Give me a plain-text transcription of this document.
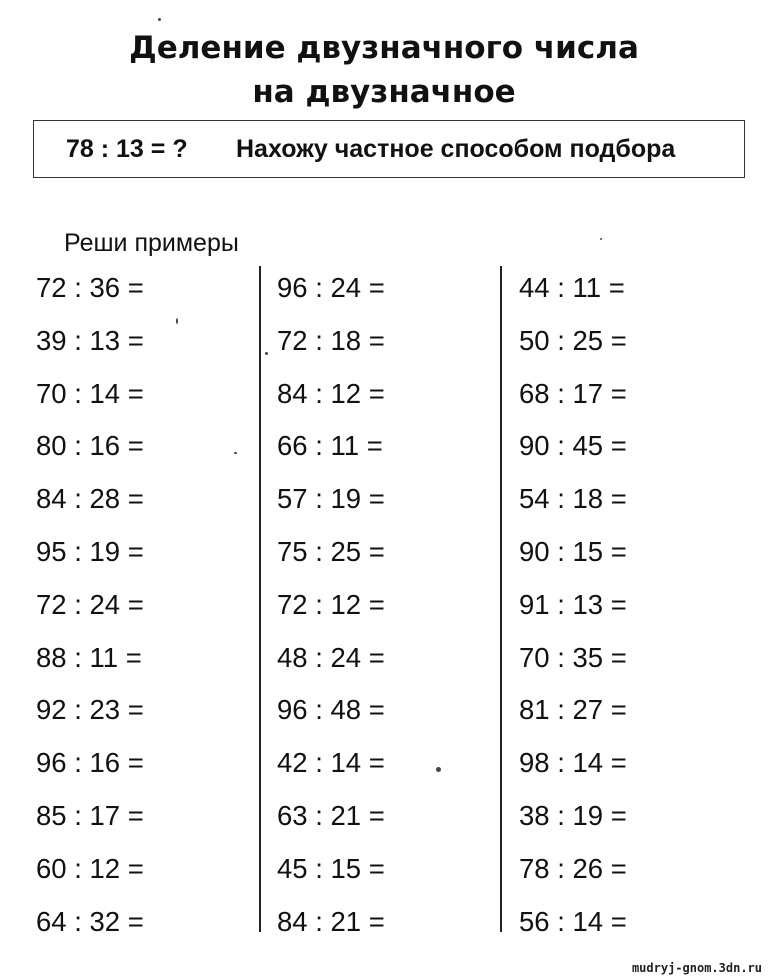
Деление двузначного числа
на двузначное
78 : 13 = ? Нахожу частное способом подбора
Реши примеры
72 : 36 =
39 : 13 =
70 : 14 =
80 : 16 =
84 : 28 =
95 : 19 =
72 : 24 =
88 : 11 =
92 : 23 =
96 : 16 =
85 : 17 =
60 : 12 =
64 : 32 =
96 : 24 =
72 : 18 =
84 : 12 =
66 : 11 =
57 : 19 =
75 : 25 =
72 : 12 =
48 : 24 =
96 : 48 =
42 : 14 =
63 : 21 =
45 : 15 =
84 : 21 =
44 : 11 =
50 : 25 =
68 : 17 =
90 : 45 =
54 : 18 =
90 : 15 =
91 : 13 =
70 : 35 =
81 : 27 =
98 : 14 =
38 : 19 =
78 : 26 =
56 : 14 =
mudryj-gnom.3dn.ru
